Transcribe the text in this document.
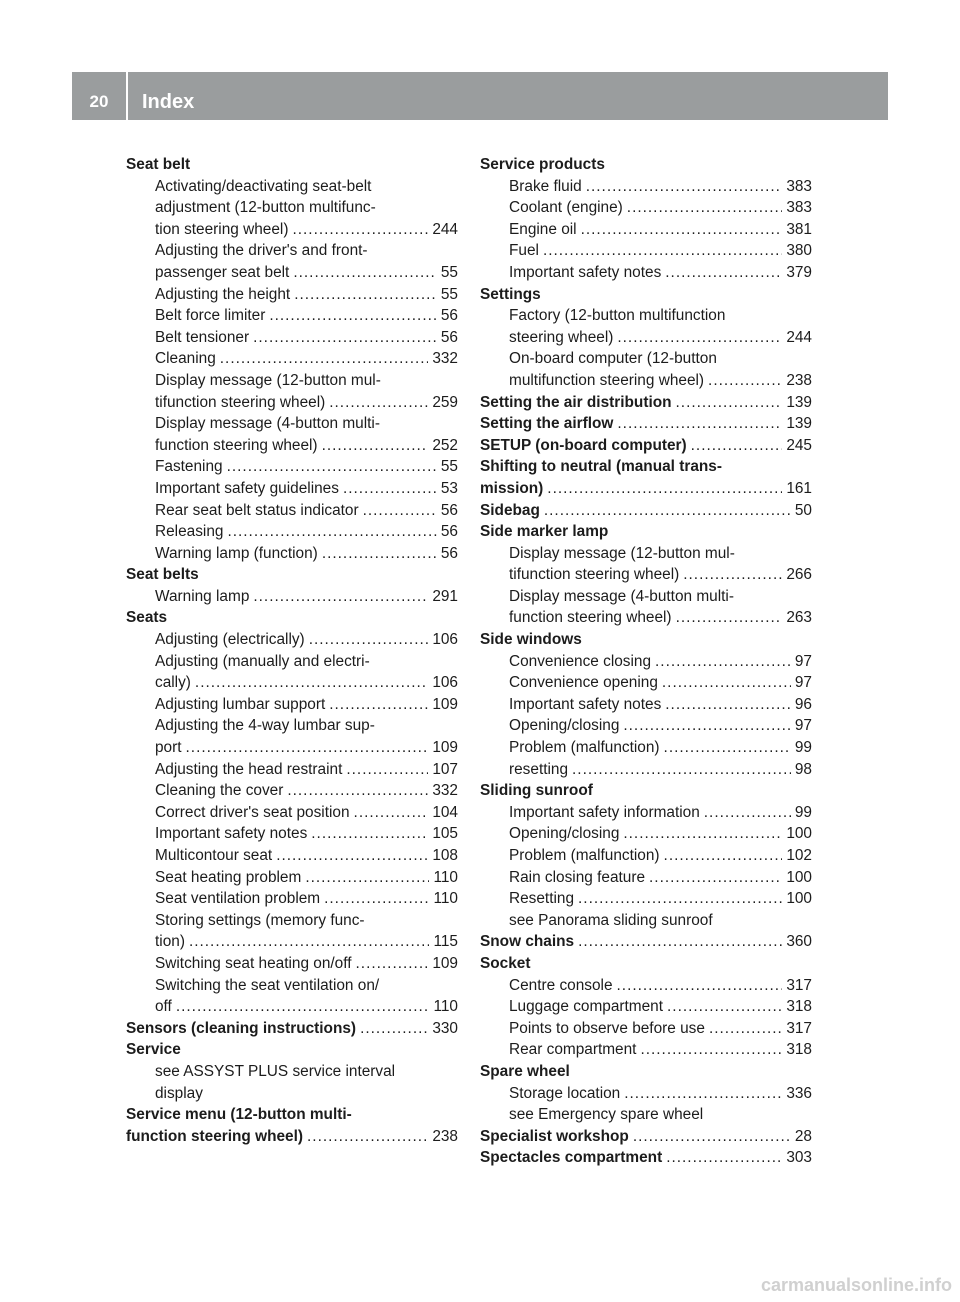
20	Index
Seat belt
Activating/deactivating seat-belt
adjustment (12-button multifunc-
tion steering wheel) .....	244
Adjusting the driver's and front-
passenger seat belt .....	55
Adjusting the height .....	55
Belt force limiter .....	56
Belt tensioner .....	56
Cleaning .....	332
Display message (12-button mul-
tifunction steering wheel) .....	259
Display message (4-button multi-
function steering wheel) .....	252
Fastening .....	55
Important safety guidelines .....	53
Rear seat belt status indicator .....	56
Releasing .....	56
Warning lamp (function) .....	56
Seat belts
Warning lamp .....	291
Seats
Adjusting (electrically) .....	106
Adjusting (manually and electri-
cally) .....	106
Adjusting lumbar support .....	109
Adjusting the 4-way lumbar sup-
port .....	109
Adjusting the head restraint .....	107
Cleaning the cover .....	332
Correct driver's seat position .....	104
Important safety notes .....	105
Multicontour seat .....	108
Seat heating problem .....	110
Seat ventilation problem .....	110
Storing settings (memory func-
tion) .....	115
Switching seat heating on/off .....	109
Switching the seat ventilation on/
off .....	110
Sensors (cleaning instructions) .....	330
Service
see ASSYST PLUS service interval
display
Service menu (12-button multi-
function steering wheel) .....	238
Service products
Brake fluid .....	383
Coolant (engine) .....	383
Engine oil .....	381
Fuel .....	380
Important safety notes .....	379
Settings
Factory (12-button multifunction
steering wheel) .....	244
On-board computer (12-button
multifunction steering wheel) .....	238
Setting the air distribution .....	139
Setting the airflow .....	139
SETUP (on-board computer) .....	245
Shifting to neutral (manual trans-
mission) .....	161
Sidebag .....	50
Side marker lamp
Display message (12-button mul-
tifunction steering wheel) .....	266
Display message (4-button multi-
function steering wheel) .....	263
Side windows
Convenience closing .....	97
Convenience opening .....	97
Important safety notes .....	96
Opening/closing .....	97
Problem (malfunction) .....	99
resetting .....	98
Sliding sunroof
Important safety information .....	99
Opening/closing .....	100
Problem (malfunction) .....	102
Rain closing feature .....	100
Resetting .....	100
see Panorama sliding sunroof
Snow chains .....	360
Socket
Centre console .....	317
Luggage compartment .....	318
Points to observe before use .....	317
Rear compartment .....	318
Spare wheel
Storage location .....	336
see Emergency spare wheel
Specialist workshop .....	28
Spectacles compartment .....	303
carmanualsonline.info
